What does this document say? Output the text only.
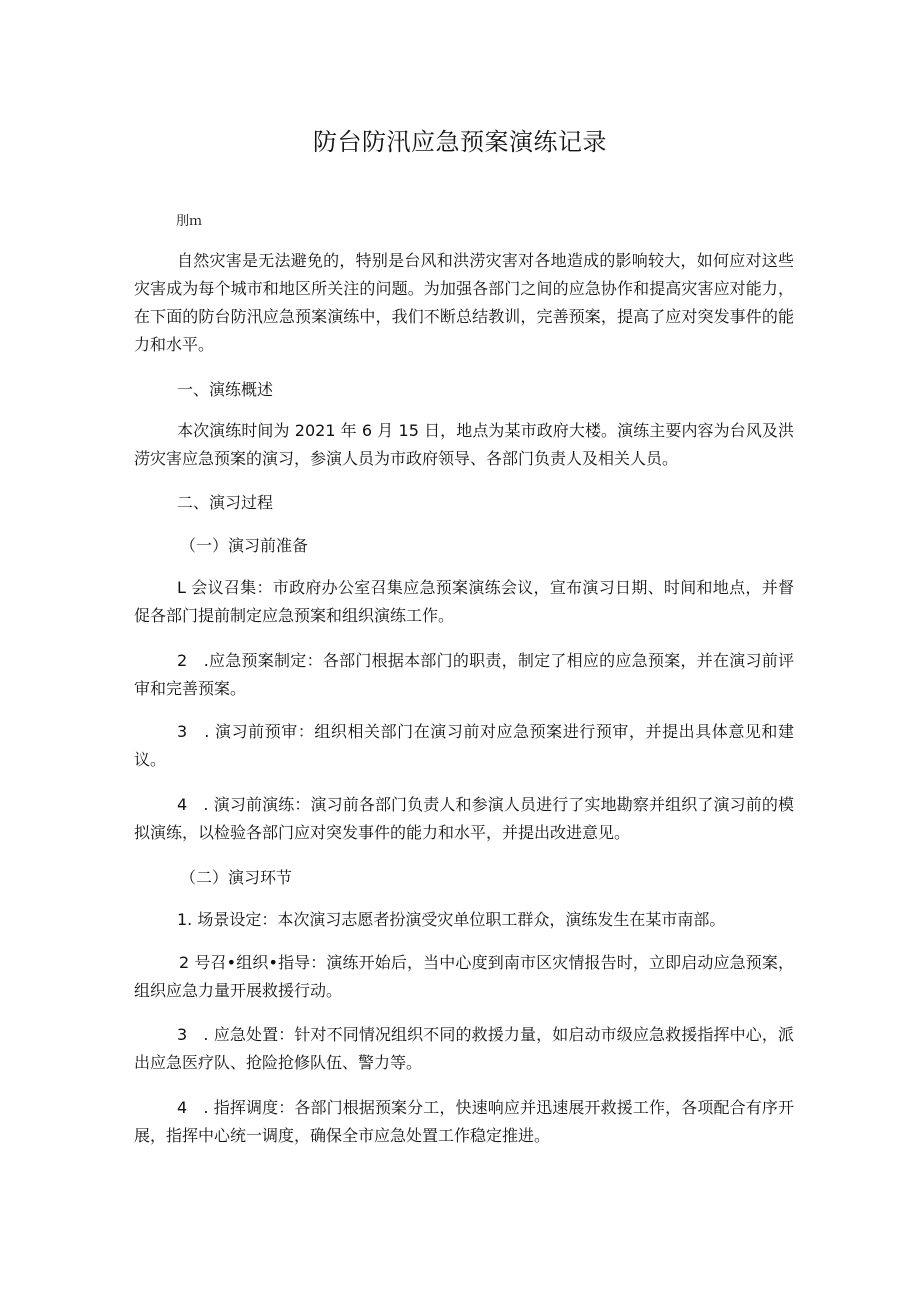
防台防汛应急预案演练记录
刖ｍ
自然灾害是无法避免的，特别是台风和洪涝灾害对各地造成的影响较大，如何应对这些灾害成为每个城市和地区所关注的问题。为加强各部门之间的应急协作和提高灾害应对能力，在下面的防台防汛应急预案演练中，我们不断总结教训，完善预案，提高了应对突发事件的能力和水平。
一、演练概述
本次演练时间为 2021 年 6 月 15 日，地点为某市政府大楼。演练主要内容为台风及洪涝灾害应急预案的演习，参演人员为市政府领导、各部门负责人及相关人员。
二、演习过程
（一）演习前准备
L 会议召集：市政府办公室召集应急预案演练会议，宣布演习日期、时间和地点，并督促各部门提前制定应急预案和组织演练工作。
2　.应急预案制定：各部门根据本部门的职责，制定了相应的应急预案，并在演习前评审和完善预案。
3　. 演习前预审：组织相关部门在演习前对应急预案进行预审，并提出具体意见和建议。
4　. 演习前演练：演习前各部门负责人和参演人员进行了实地勘察并组织了演习前的模拟演练，以检验各部门应对突发事件的能力和水平，并提出改进意见。
（二）演习环节
1. 场景设定：本次演习志愿者扮演受灾单位职工群众，演练发生在某市南部。
2 号召•组织•指导：演练开始后，当中心度到南市区灾情报告时，立即启动应急预案，组织应急力量开展救援行动。
3　. 应急处置：针对不同情况组织不同的救援力量，如启动市级应急救援指挥中心，派出应急医疗队、抢险抢修队伍、警力等。
4　. 指挥调度：各部门根据预案分工，快速响应并迅速展开救援工作，各项配合有序开展，指挥中心统一调度，确保全市应急处置工作稳定推进。
